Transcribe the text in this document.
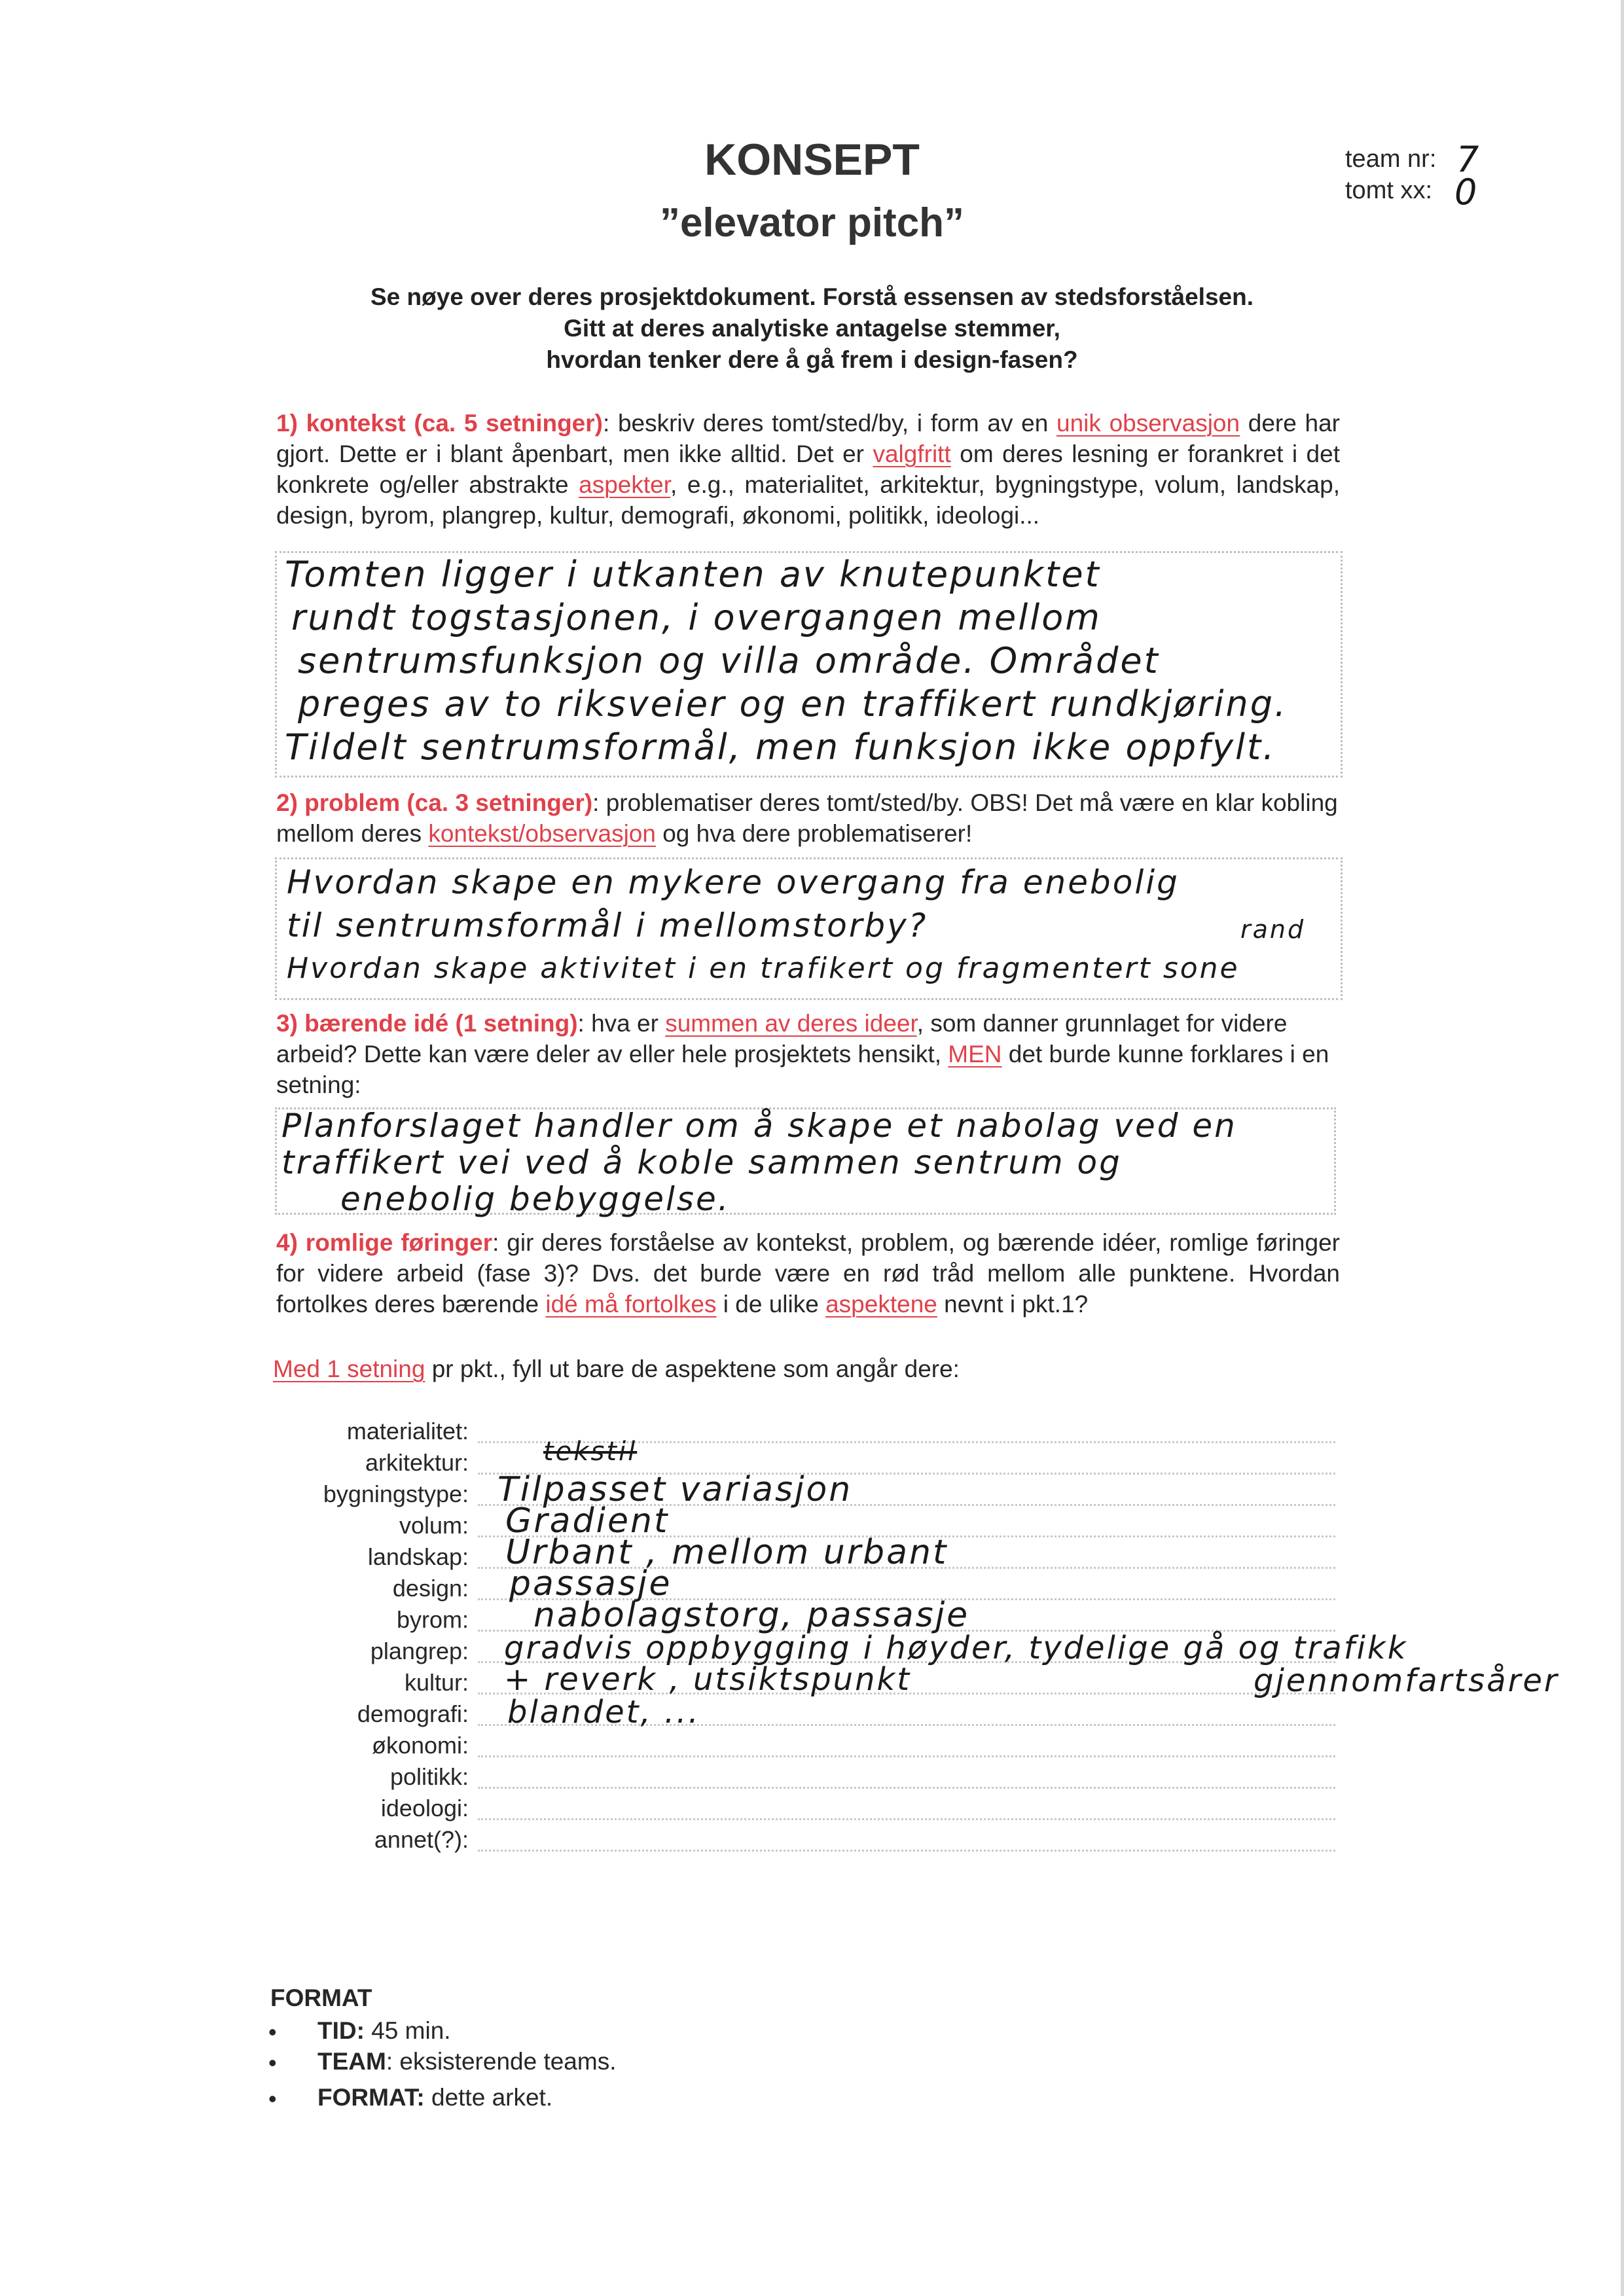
KONSEPT
”elevator pitch”
team nr: 7
tomt xx: 0
Se nøye over deres prosjektdokument. Forstå essensen av stedsforståelsen.
Gitt at deres analytiske antagelse stemmer,
hvordan tenker dere å gå frem i design-fasen?

1) kontekst (ca. 5 setninger): beskriv deres tomt/sted/by, i form av en unik observasjon dere har gjort. Dette er i blant åpenbart, men ikke alltid. Det er valgfritt om deres lesning er forankret i det konkrete og/eller abstrakte aspekter, e.g., materialitet, arkitektur, bygningstype, volum, landskap, design, byrom, plangrep, kultur, demografi, økonomi, politikk, ideologi...

Tomten ligger i utkanten av knutepunktet
rundt togstasjonen, i overgangen mellom
sentrumsfunksjon og villa område. Området
preges av to riksveier og en traffikert rundkjøring.
Tildelt sentrumsformål, men funksjon ikke oppfylt.

2) problem (ca. 3 setninger): problematiser deres tomt/sted/by. OBS! Det må være en klar kobling mellom deres kontekst/observasjon og hva dere problematiserer!

Hvordan skape en mykere overgang fra enebolig
til sentrumsformål i mellomstorby?
Hvordan skape aktivitet i en trafikert og fragmentert sone
rand

3) bærende idé (1 setning): hva er summen av deres ideer, som danner grunnlaget for videre arbeid? Dette kan være deler av eller hele prosjektets hensikt, MEN det burde kunne forklares i en setning:

Planforslaget handler om å skape et nabolag ved en
traffikert vei ved å koble sammen sentrum og
enebolig bebyggelse.

4) romlige føringer: gir deres forståelse av kontekst, problem, og bærende idéer, romlige føringer for videre arbeid (fase 3)? Dvs. det burde være en rød tråd mellom alle punktene. Hvordan fortolkes deres bærende idé må fortolkes i de ulike aspektene nevnt i pkt.1?

Med 1 setning pr pkt., fyll ut bare de aspektene som angår dere:

materialitet:
arkitektur:
bygningstype:
volum:
landskap:
design:
byrom:
plangrep:
kultur:
demografi:
økonomi:
politikk:
ideologi:
annet(?):
tekstil
Tilpasset variasjon
Gradient
Urbant , mellom urbant
passasje
nabolagstorg, passasje
gradvis oppbygging i høyder, tydelige gå og trafikk
gjennomfartsårer
+ reverk , utsiktspunkt
blandet, ...
FORMAT
• TID: 45 min.
• TEAM: eksisterende teams.
• FORMAT: dette arket.
